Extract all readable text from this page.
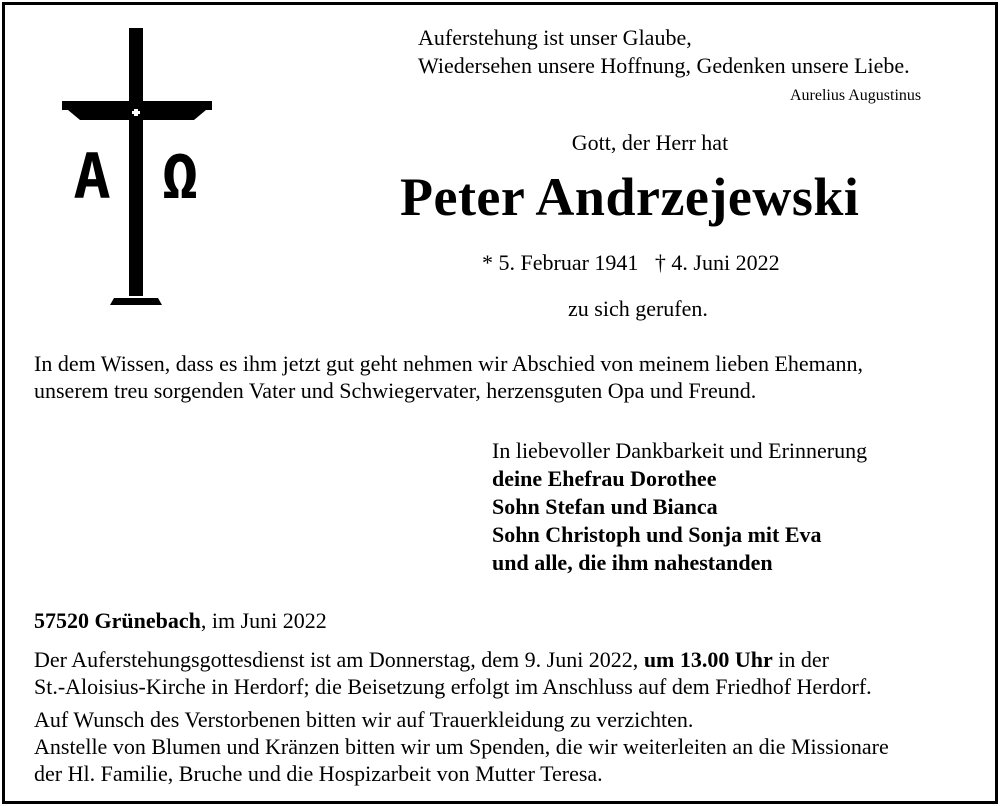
A Ω
Auferstehung ist unser Glaube,
Wiedersehen unsere Hoffnung, Gedenken unsere Liebe.
Aurelius Augustinus
Gott, der Herr hat
Peter Andrzejewski
* 5. Februar 1941   † 4. Juni 2022
zu sich gerufen.
In dem Wissen, dass es ihm jetzt gut geht nehmen wir Abschied von meinem lieben Ehemann,
unserem treu sorgenden Vater und Schwiegervater, herzensguten Opa und Freund.
In liebevoller Dankbarkeit und Erinnerung
deine Ehefrau Dorothee
Sohn Stefan und Bianca
Sohn Christoph und Sonja mit Eva
und alle, die ihm nahestanden
57520 Grünebach, im Juni 2022
Der Auferstehungsgottesdienst ist am Donnerstag, dem 9. Juni 2022, um 13.00 Uhr in der
St.-Aloisius-Kirche in Herdorf; die Beisetzung erfolgt im Anschluss auf dem Friedhof Herdorf.
Auf Wunsch des Verstorbenen bitten wir auf Trauerkleidung zu verzichten.
Anstelle von Blumen und Kränzen bitten wir um Spenden, die wir weiterleiten an die Missionare
der Hl. Familie, Bruche und die Hospizarbeit von Mutter Teresa.
